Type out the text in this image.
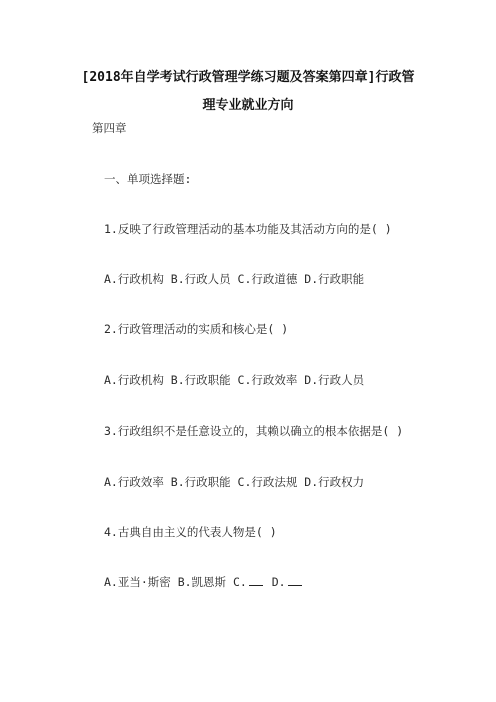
[2018年自学考试行政管理学练习题及答案第四章]行政管
理专业就业方向
第四章
一、单项选择题:
1.反映了行政管理活动的基本功能及其活动方向的是( )
A.行政机构 B.行政人员 C.行政道德 D.行政职能
2.行政管理活动的实质和核心是( )
A.行政机构 B.行政职能 C.行政效率 D.行政人员
3.行政组织不是任意设立的，其赖以确立的根本依据是( )
A.行政效率 B.行政职能 C.行政法规 D.行政权力
4.古典自由主义的代表人物是( )
A.亚当·斯密 B.凯恩斯 C. D.
